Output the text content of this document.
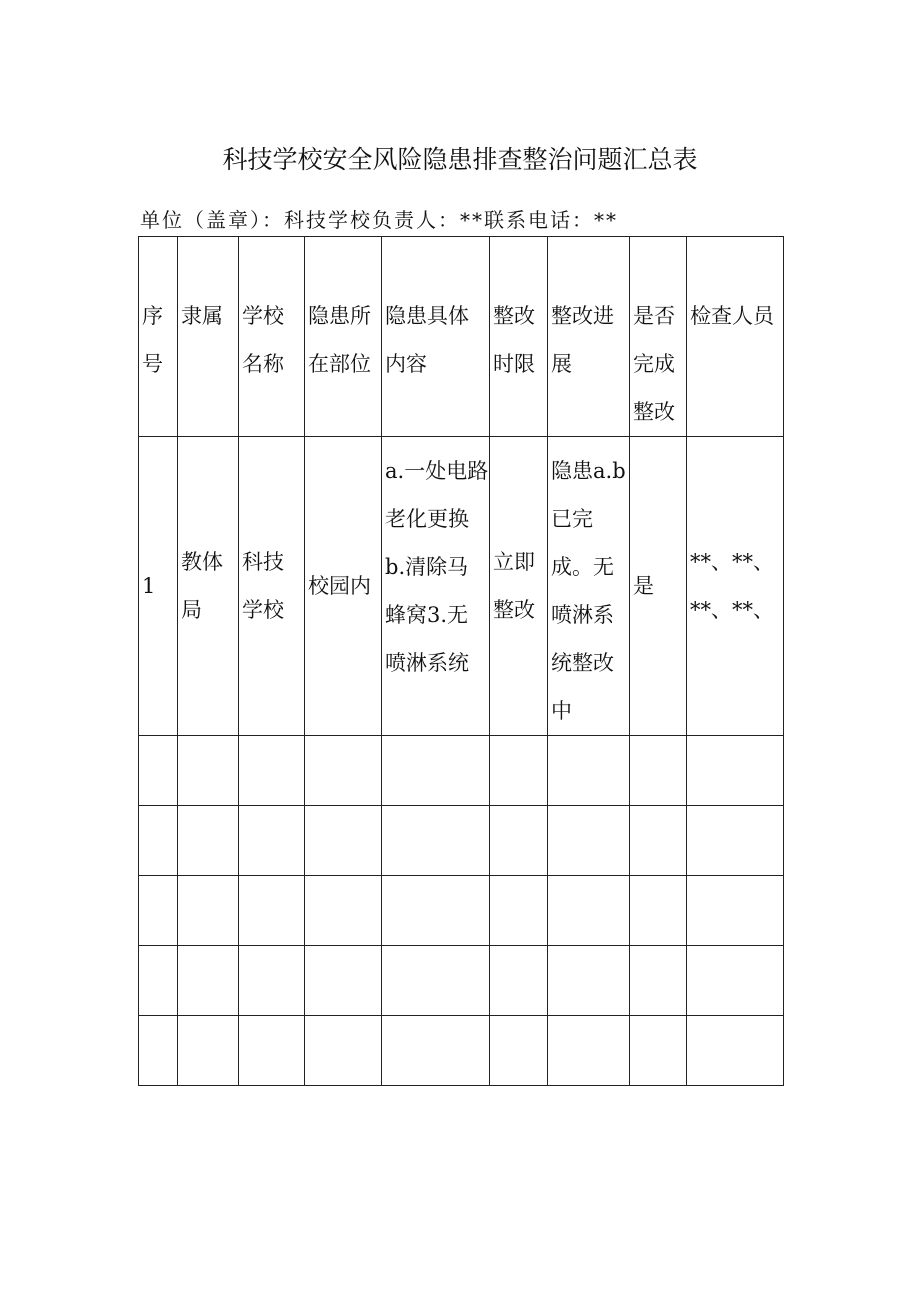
科技学校安全风险隐患排查整治问题汇总表
单位（盖章）：科技学校负责人：**联系电话：**
序号	隶属	学校名称	隐患所在部位	隐患具体内容	整改时限	整改进展	是否完成整改	检查人员
1	教体局	科技学校	校园内	a.一处电路老化更换b.清除马蜂窝3.无喷淋系统	立即整改	隐患a.b已完成。无喷淋系统整改中	是	**、**、**、**、
